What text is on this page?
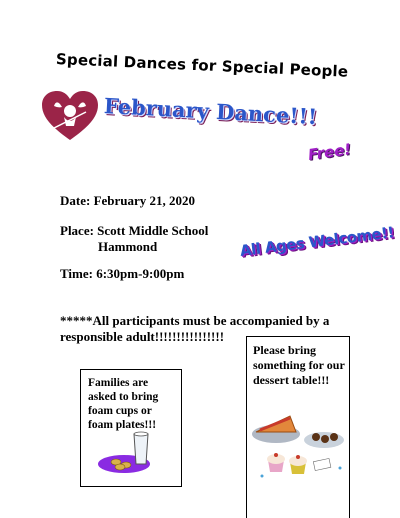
Special Dances for Special People
February Dance!!!
Free!
Date: February 21, 2020
Place: Scott Middle School
Hammond
Time: 6:30pm-9:00pm
All Ages Welcome!!
*****All participants must be accompanied by a responsible adult!!!!!!!!!!!!!!!!
Families are asked to bring foam cups or foam plates!!!
Please bring something for our dessert table!!!
